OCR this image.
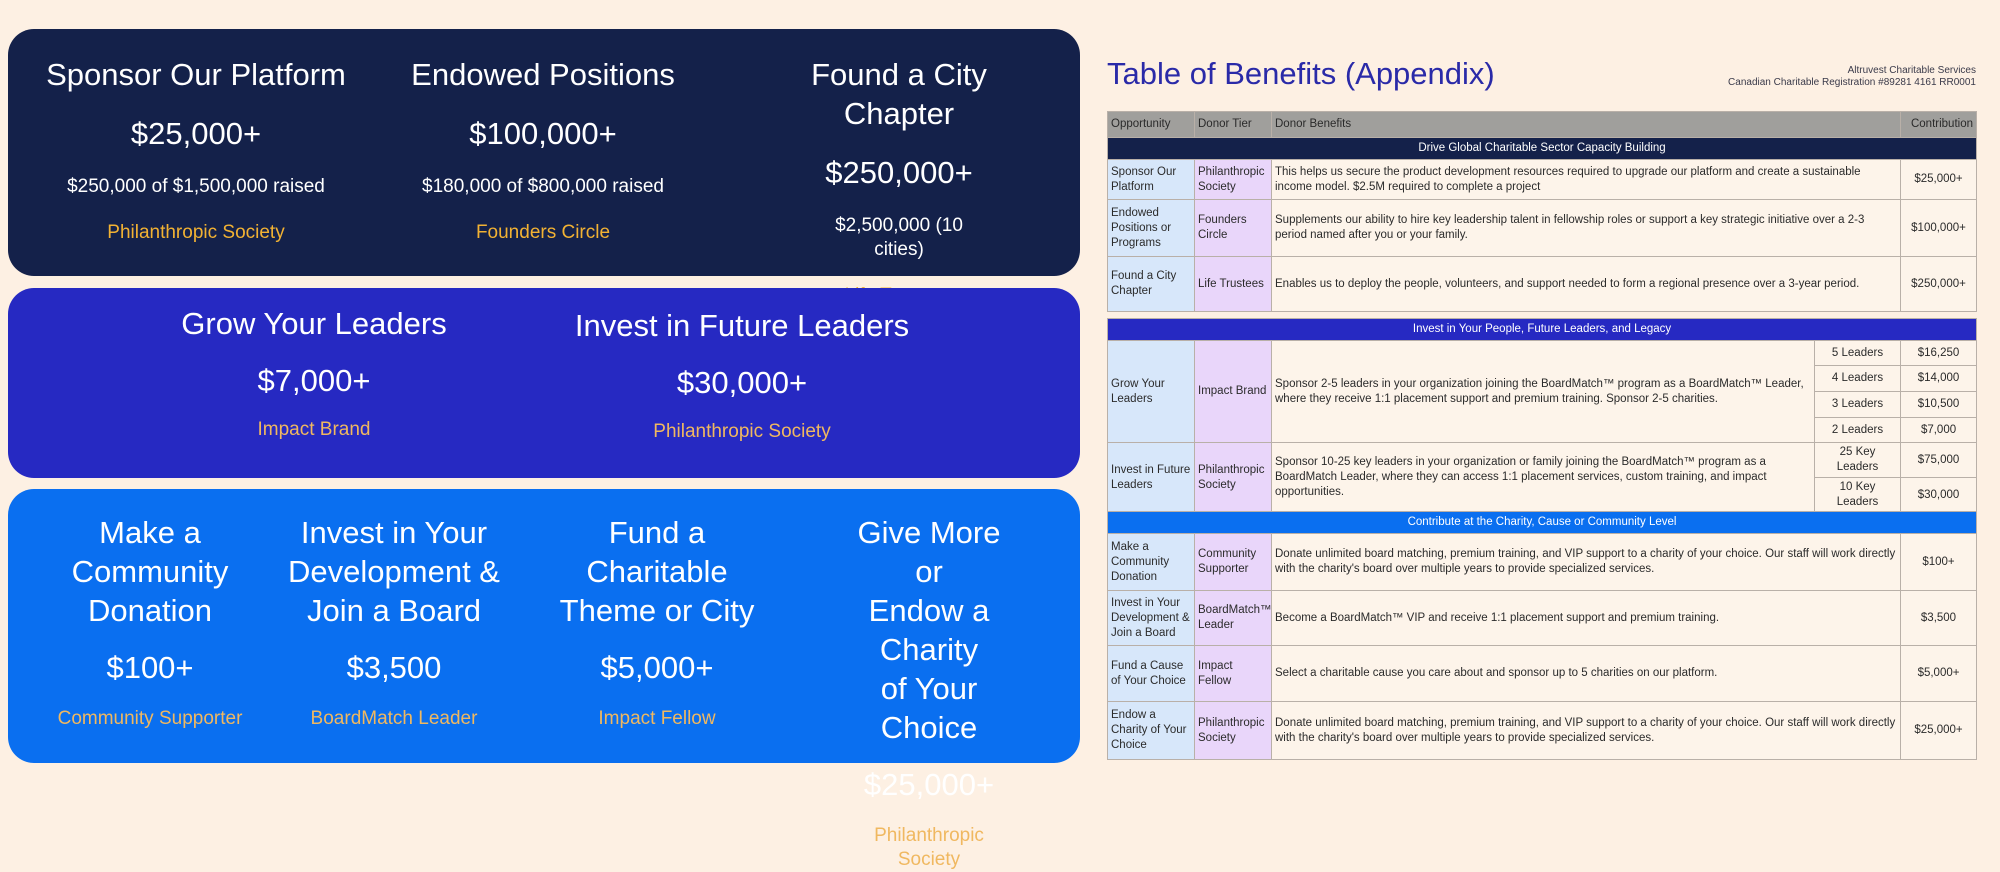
Sponsor Our Platform
$25,000+
$250,000 of $1,500,000 raised
Philanthropic Society
Endowed Positions
$100,000+
$180,000 of $800,000 raised
Founders Circle
Found a City Chapter
$250,000+
$2,500,000 (10 cities)
Grow Your Leaders
$7,000+
Impact Brand
Invest in Future Leaders
$30,000+
Philanthropic Society
Make a
Community
Donation
$100+
Community Supporter
Invest in Your
Development &
Join a Board
$3,500
BoardMatch Leader
Fund a
Charitable
Theme or City
$5,000+
Impact Fellow
Give More or
Endow a Charity
of Your Choice
$25,000+
Philanthropic Society
Table of Benefits (Appendix)	Altruvest Charitable Services
Canadian Charitable Registration #89281 4161 RR0001
Opportunity	Donor Tier	Donor Benefits	Contribution
Drive Global Charitable Sector Capacity Building			
Sponsor Our Platform	Philanthropic Society	This helps us secure the product development resources required to upgrade our platform and create a sustainable income model. $2.5M required to complete a project	$25,000+
Endowed Positions or Programs	Founders Circle	Supplements our ability to hire key leadership talent in fellowship roles or support a key strategic initiative over a 2-3 period named after you or your family.	$100,000+
Found a City Chapter	Life Trustees	Enables us to deploy the people, volunteers, and support needed to form a regional presence over a 3-year period.	$250,000+
Invest in Your People, Future Leaders, and Legacy				
Grow Your Leaders	Impact Brand	Sponsor 2-5 leaders in your organization joining the BoardMatch™ program as a BoardMatch™ Leader, where they receive 1:1 placement support and premium training. Sponsor 2-5 charities.	5 Leaders	$16,250
			4 Leaders	$14,000
			3 Leaders	$10,500
			2 Leaders	$7,000
Invest in Future Leaders	Philanthropic Society	Sponsor 10-25 key leaders in your organization or family joining the BoardMatch™ program as a BoardMatch Leader, where they can access 1:1 placement services, custom training, and impact opportunities.	25 Key Leaders	$75,000
			10 Key Leaders	$30,000
Contribute at the Charity, Cause or Community Level			
Make a Community Donation	Community Supporter	Donate unlimited board matching, premium training, and VIP support to a charity of your choice. Our staff will work directly with the charity's board over multiple years to provide specialized services.	$100+
Invest in Your Development & Join a Board	BoardMatch™ Leader	Become a BoardMatch™ VIP and receive 1:1 placement support and premium training.	$3,500
Fund a Cause of Your Choice	Impact Fellow	Select a charitable cause you care about and sponsor up to 5 charities on our platform.	$5,000+
Endow a Charity of Your Choice	Philanthropic Society	Donate unlimited board matching, premium training, and VIP support to a charity of your choice. Our staff will work directly with the charity's board over multiple years to provide specialized services.	$25,000+
